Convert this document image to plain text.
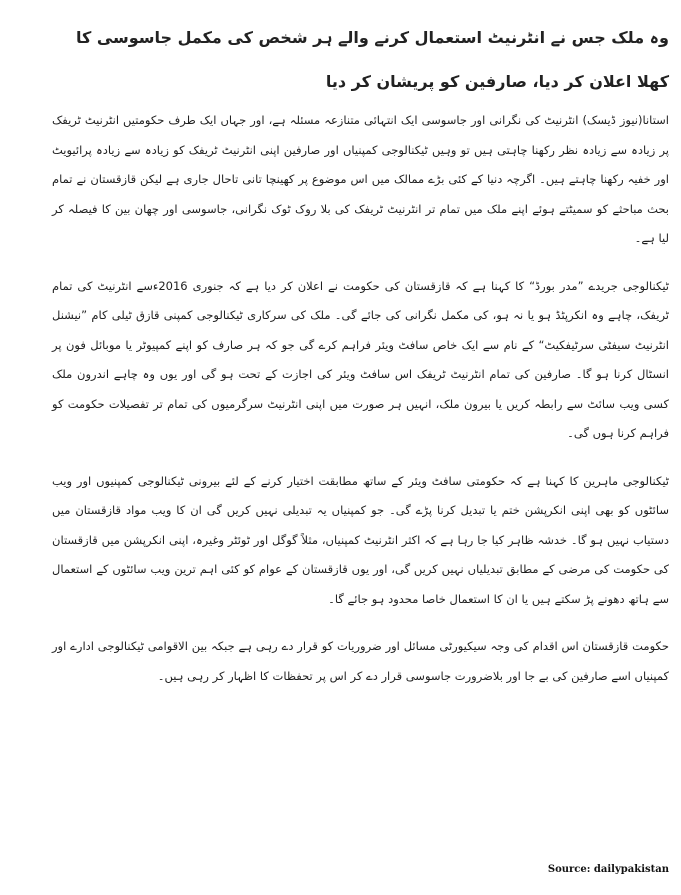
وہ ملک جس نے انٹرنیٹ استعمال کرنے والے ہر شخص کی مکمل جاسوسی کا کھلا اعلان کر دیا، صارفین کو پریشان کر دیا

استانا(نیوز ڈیسک) انٹرنیٹ کی نگرانی اور جاسوسی ایک انتہائی متنازعہ مسئلہ ہے، اور جہاں ایک طرف حکومتیں انٹرنیٹ ٹریفک پر زیادہ سے زیادہ نظر رکھنا چاہتی ہیں تو وہیں ٹیکنالوجی کمپنیاں اور صارفین اپنی انٹرنیٹ ٹریفک کو زیادہ سے زیادہ پرائیویٹ اور خفیہ رکھنا چاہتے ہیں۔ اگرچہ دنیا کے کئی بڑے ممالک میں اس موضوع پر کھینچا تانی تاحال جاری ہے لیکن قازقستان نے تمام بحث مباحثے کو سمیٹتے ہوئے اپنے ملک میں تمام تر انٹرنیٹ ٹریفک کی بلا روک ٹوک نگرانی، جاسوسی اور چھان بین کا فیصلہ کر لیا ہے۔

ٹیکنالوجی جریدے ”مدر بورڈ“ کا کہنا ہے کہ قازقستان کی حکومت نے اعلان کر دیا ہے کہ جنوری 2016ءسے انٹرنیٹ کی تمام ٹریفک، چاہے وہ انکرپٹڈ ہو یا نہ ہو، کی مکمل نگرانی کی جائے گی۔ ملک کی سرکاری ٹیکنالوجی کمپنی قازق ٹیلی کام ”نیشنل انٹرنیٹ سیفٹی سرٹیفکیٹ“ کے نام سے ایک خاص سافٹ ویئر فراہم کرے گی جو کہ ہر صارف کو اپنے کمپیوٹر یا موبائل فون پر انسٹال کرنا ہو گا۔ صارفین کی تمام انٹرنیٹ ٹریفک اس سافٹ ویئر کی اجازت کے تحت ہو گی اور یوں وہ چاہے اندرون ملک کسی ویب سائٹ سے رابطہ کریں یا بیرون ملک، انہیں ہر صورت میں اپنی انٹرنیٹ سرگرمیوں کی تمام تر تفصیلات حکومت کو فراہم کرنا ہوں گی۔

ٹیکنالوجی ماہرین کا کہنا ہے کہ حکومتی سافٹ ویئر کے ساتھ مطابقت اختیار کرنے کے لئے بیرونی ٹیکنالوجی کمپنیوں اور ویب سائٹوں کو بھی اپنی انکرپشن ختم یا تبدیل کرنا پڑے گی۔ جو کمپنیاں یہ تبدیلی نہیں کریں گی ان کا ویب مواد قازقستان میں دستیاب نہیں ہو گا۔ خدشہ ظاہر کیا جا رہا ہے کہ اکثر انٹرنیٹ کمپنیاں، مثلاً گوگل اور ٹوئٹر وغیرہ، اپنی انکرپشن میں قازقستان کی حکومت کی مرضی کے مطابق تبدیلیاں نہیں کریں گی، اور یوں قازقستان کے عوام کو کئی اہم ترین ویب سائٹوں کے استعمال سے ہاتھ دھونے پڑ سکتے ہیں یا ان کا استعمال خاصا محدود ہو جائے گا۔

حکومت قازقستان اس اقدام کی وجہ سیکیورٹی مسائل اور ضروریات کو قرار دے رہی ہے جبکہ بین الاقوامی ٹیکنالوجی ادارے اور کمپنیاں اسے صارفین کی بے جا اور بلاضرورت جاسوسی قرار دے کر اس پر تحفظات کا اظہار کر رہی ہیں۔

Source: dailypakistan
